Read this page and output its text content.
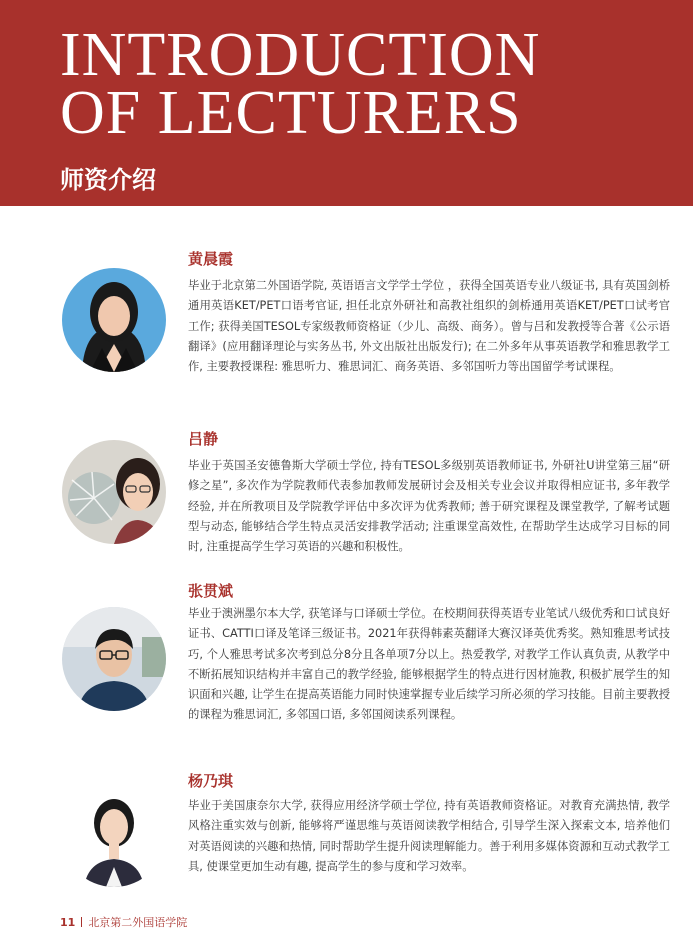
INTRODUCTION
OF LECTURERS
师资介绍
黄晨霞
毕业于北京第二外国语学院, 英语语言文学学士学位 ，获得全国英语专业八级证书, 具有英国剑桥通用英语KET/PET口语考官证, 担任北京外研社和高教社组织的剑桥通用英语KET/PET口试考官工作; 获得美国TESOL专家级教师资格证（少儿、高级、商务）。曾与吕和发教授等合著《公示语翻译》(应用翻译理论与实务丛书, 外文出版社出版发行); 在二外多年从事英语教学和雅思教学工作, 主要教授课程: 雅思听力、雅思词汇、商务英语、多邻国听力等出国留学考试课程。
吕静
毕业于英国圣安德鲁斯大学硕士学位, 持有TESOL多级别英语教师证书, 外研社U讲堂第三届“研修之星”, 多次作为学院教师代表参加教师发展研讨会及相关专业会议并取得相应证书, 多年教学经验, 并在所教项目及学院教学评估中多次评为优秀教师; 善于研究课程及课堂教学, 了解考试题型与动态, 能够结合学生特点灵活安排教学活动; 注重课堂高效性, 在帮助学生达成学习目标的同时, 注重提高学生学习英语的兴趣和积极性。
张贯斌
毕业于澳洲墨尔本大学, 获笔译与口译硕士学位。在校期间获得英语专业笔试八级优秀和口试良好证书、CATTI口译及笔译三级证书。2021年获得韩素英翻译大赛汉译英优秀奖。熟知雅思考试技巧, 个人雅思考试多次考到总分8分且各单项7分以上。热爱教学, 对教学工作认真负责, 从教学中不断拓展知识结构并丰富自己的教学经验, 能够根据学生的特点进行因材施教, 积极扩展学生的知识面和兴趣, 让学生在提高英语能力同时快速掌握专业后续学习所必须的学习技能。目前主要教授的课程为雅思词汇, 多邻国口语, 多邻国阅读系列课程。
杨乃琪
毕业于美国康奈尔大学, 获得应用经济学硕士学位, 持有英语教师资格证。对教育充满热情, 教学风格注重实效与创新, 能够将严谨思维与英语阅读教学相结合, 引导学生深入探索文本, 培养他们对英语阅读的兴趣和热情, 同时帮助学生提升阅读理解能力。善于利用多媒体资源和互动式教学工具, 使课堂更加生动有趣, 提高学生的参与度和学习效率。
11 北京第二外国语学院
